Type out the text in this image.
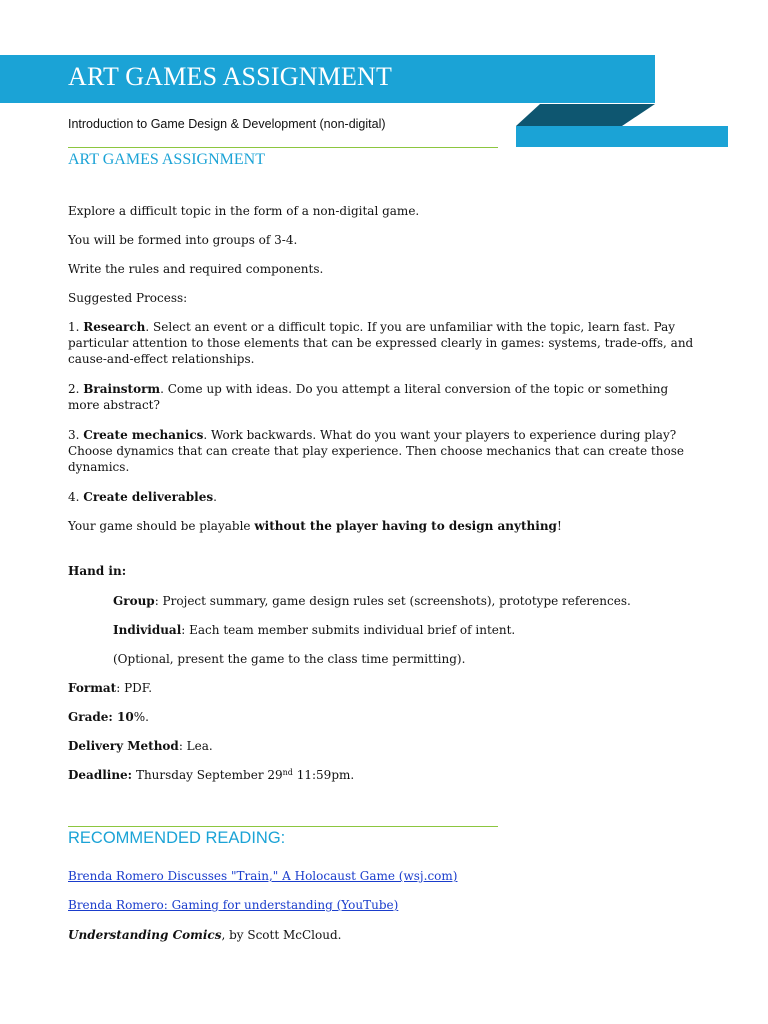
ART GAMES ASSIGNMENT
Introduction to Game Design & Development (non-digital)
ART GAMES ASSIGNMENT
Explore a difficult topic in the form of a non-digital game.
You will be formed into groups of 3-4.
Write the rules and required components.
Suggested Process:
1. Research. Select an event or a difficult topic. If you are unfamiliar with the topic, learn fast. Pay particular attention to those elements that can be expressed clearly in games: systems, trade-offs, and cause-and-effect relationships.
2. Brainstorm. Come up with ideas. Do you attempt a literal conversion of the topic or something more abstract?
3. Create mechanics. Work backwards. What do you want your players to experience during play? Choose dynamics that can create that play experience. Then choose mechanics that can create those dynamics.
4. Create deliverables.
Your game should be playable without the player having to design anything!
Hand in:
Group: Project summary, game design rules set (screenshots), prototype references.
Individual: Each team member submits individual brief of intent.
(Optional, present the game to the class time permitting).
Format: PDF.
Grade: 10%.
Delivery Method: Lea.
Deadline: Thursday September 29nd 11:59pm.
RECOMMENDED READING:
Brenda Romero Discusses "Train," A Holocaust Game (wsj.com)
Brenda Romero: Gaming for understanding (YouTube)
Understanding Comics, by Scott McCloud.
